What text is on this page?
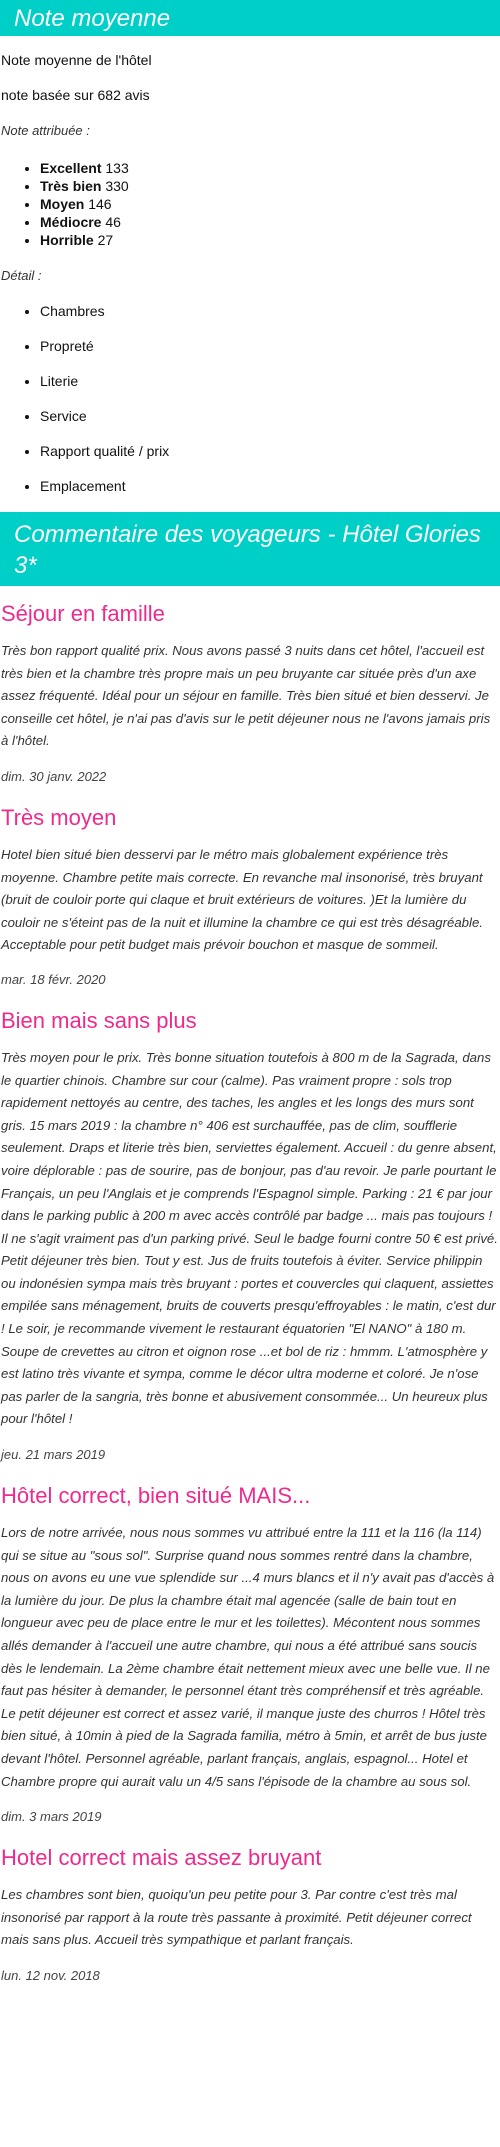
Note moyenne

Note moyenne de l'hôtel

note basée sur 682 avis

Note attribuée :

• Excellent 133
• Très bien 330
• Moyen 146
• Médiocre 46
• Horrible 27

Détail :

• Chambres
• Propreté
• Literie
• Service
• Rapport qualité / prix
• Emplacement
Commentaire des voyageurs - Hôtel Glories 3*
Séjour en famille

Très bon rapport qualité prix. Nous avons passé 3 nuits dans cet hôtel, l'accueil est très bien et la chambre très propre mais un peu bruyante car située près d'un axe assez fréquenté. Idéal pour un séjour en famille. Très bien situé et bien desservi. Je conseille cet hôtel, je n'ai pas d'avis sur le petit déjeuner nous ne l'avons jamais pris à l'hôtel.

dim. 30 janv. 2022

Très moyen

Hotel bien situé bien desservi par le métro mais globalement expérience très moyenne. Chambre petite mais correcte. En revanche mal insonorisé, très bruyant (bruit de couloir porte qui claque et bruit extérieurs de voitures. )Et la lumière du couloir ne s'éteint pas de la nuit et illumine la chambre ce qui est très désagréable. Acceptable pour petit budget mais prévoir bouchon et masque de sommeil.

mar. 18 févr. 2020

Bien mais sans plus

Très moyen pour le prix. Très bonne situation toutefois à 800 m de la Sagrada, dans le quartier chinois. Chambre sur cour (calme). Pas vraiment propre : sols trop rapidement nettoyés au centre, des taches, les angles et les longs des murs sont gris. 15 mars 2019 : la chambre n° 406 est surchauffée, pas de clim, soufflerie seulement. Draps et literie très bien, serviettes également. Accueil : du genre absent, voire déplorable : pas de sourire, pas de bonjour, pas d'au revoir. Je parle pourtant le Français, un peu l'Anglais et je comprends l'Espagnol simple. Parking : 21 € par jour dans le parking public à 200 m avec accès contrôlé par badge ... mais pas toujours ! Il ne s'agit vraiment pas d'un parking privé. Seul le badge fourni contre 50 € est privé. Petit déjeuner très bien. Tout y est. Jus de fruits toutefois à éviter. Service philippin ou indonésien sympa mais très bruyant : portes et couvercles qui claquent, assiettes empilée sans ménagement, bruits de couverts presqu'effroyables : le matin, c'est dur ! Le soir, je recommande vivement le restaurant équatorien "El NANO" à 180 m. Soupe de crevettes au citron et oignon rose ...et bol de riz : hmmm. L'atmosphère y est latino très vivante et sympa, comme le décor ultra moderne et coloré. Je n'ose pas parler de la sangria, très bonne et abusivement consommée... Un heureux plus pour l'hôtel !

jeu. 21 mars 2019

Hôtel correct, bien situé MAIS...

Lors de notre arrivée, nous nous sommes vu attribué entre la 111 et la 116 (la 114) qui se situe au "sous sol". Surprise quand nous sommes rentré dans la chambre, nous on avons eu une vue splendide sur ...4 murs blancs et il n'y avait pas d'accès à la lumière du jour. De plus la chambre était mal agencée (salle de bain tout en longueur avec peu de place entre le mur et les toilettes). Mécontent nous sommes allés demander à l'accueil une autre chambre, qui nous a été attribué sans soucis dès le lendemain. La 2ème chambre était nettement mieux avec une belle vue. Il ne faut pas hésiter à demander, le personnel étant très compréhensif et très agréable. Le petit déjeuner est correct et assez varié, il manque juste des churros ! Hôtel très bien situé, à 10min à pied de la Sagrada familia, métro à 5min, et arrêt de bus juste devant l'hôtel. Personnel agréable, parlant français, anglais, espagnol... Hotel et Chambre propre qui aurait valu un 4/5 sans l'épisode de la chambre au sous sol.

dim. 3 mars 2019

Hotel correct mais assez bruyant

Les chambres sont bien, quoiqu'un peu petite pour 3. Par contre c'est très mal insonorisé par rapport à la route très passante à proximité. Petit déjeuner correct mais sans plus. Accueil très sympathique et parlant français.

lun. 12 nov. 2018
